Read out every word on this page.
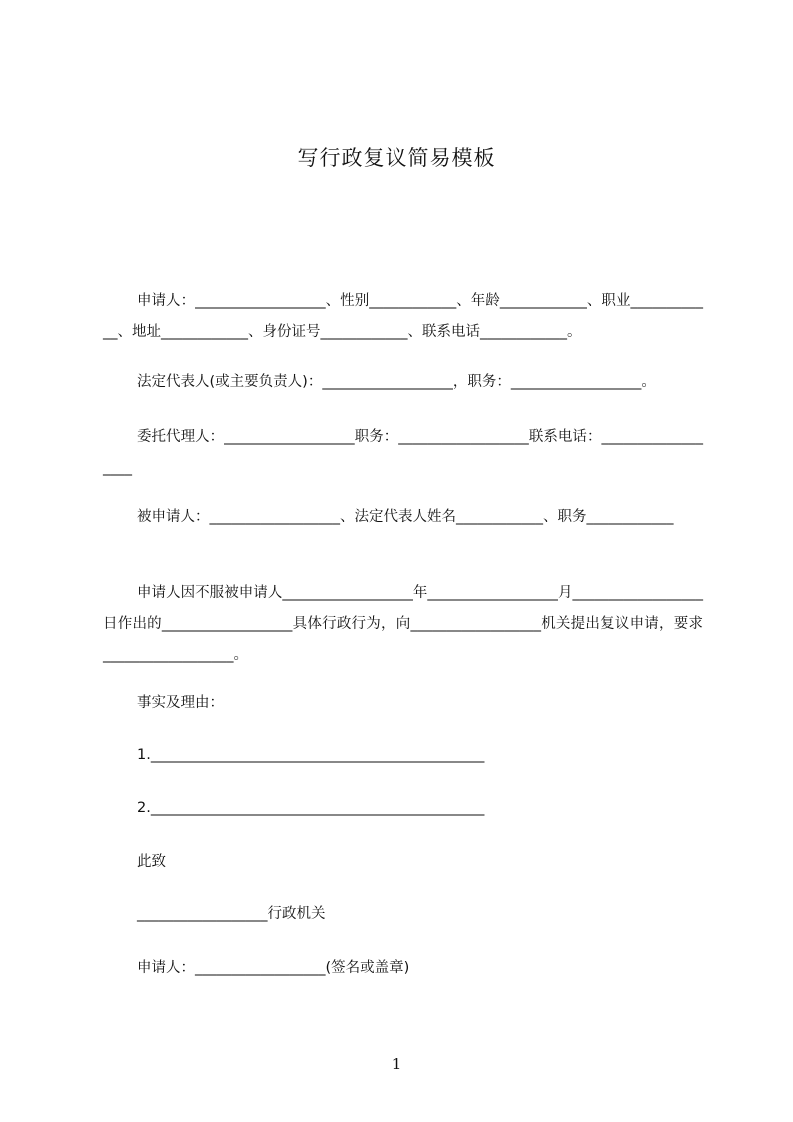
写行政复议简易模板

申请人：__________________、性别____________、年龄____________、职业____________、地址____________、身份证号____________、联系电话____________。

法定代表人(或主要负责人)：__________________，职务：__________________。

委托代理人：__________________职务：__________________联系电话：__________________

被申请人：__________________、法定代表人姓名____________、职务____________

申请人因不服被申请人__________________年__________________月__________________日作出的__________________具体行政行为，向__________________机关提出复议申请，要求__________________。

事实及理由：

1.______________________________________________

2.______________________________________________

此致

__________________行政机关

申请人：__________________(签名或盖章)

1
